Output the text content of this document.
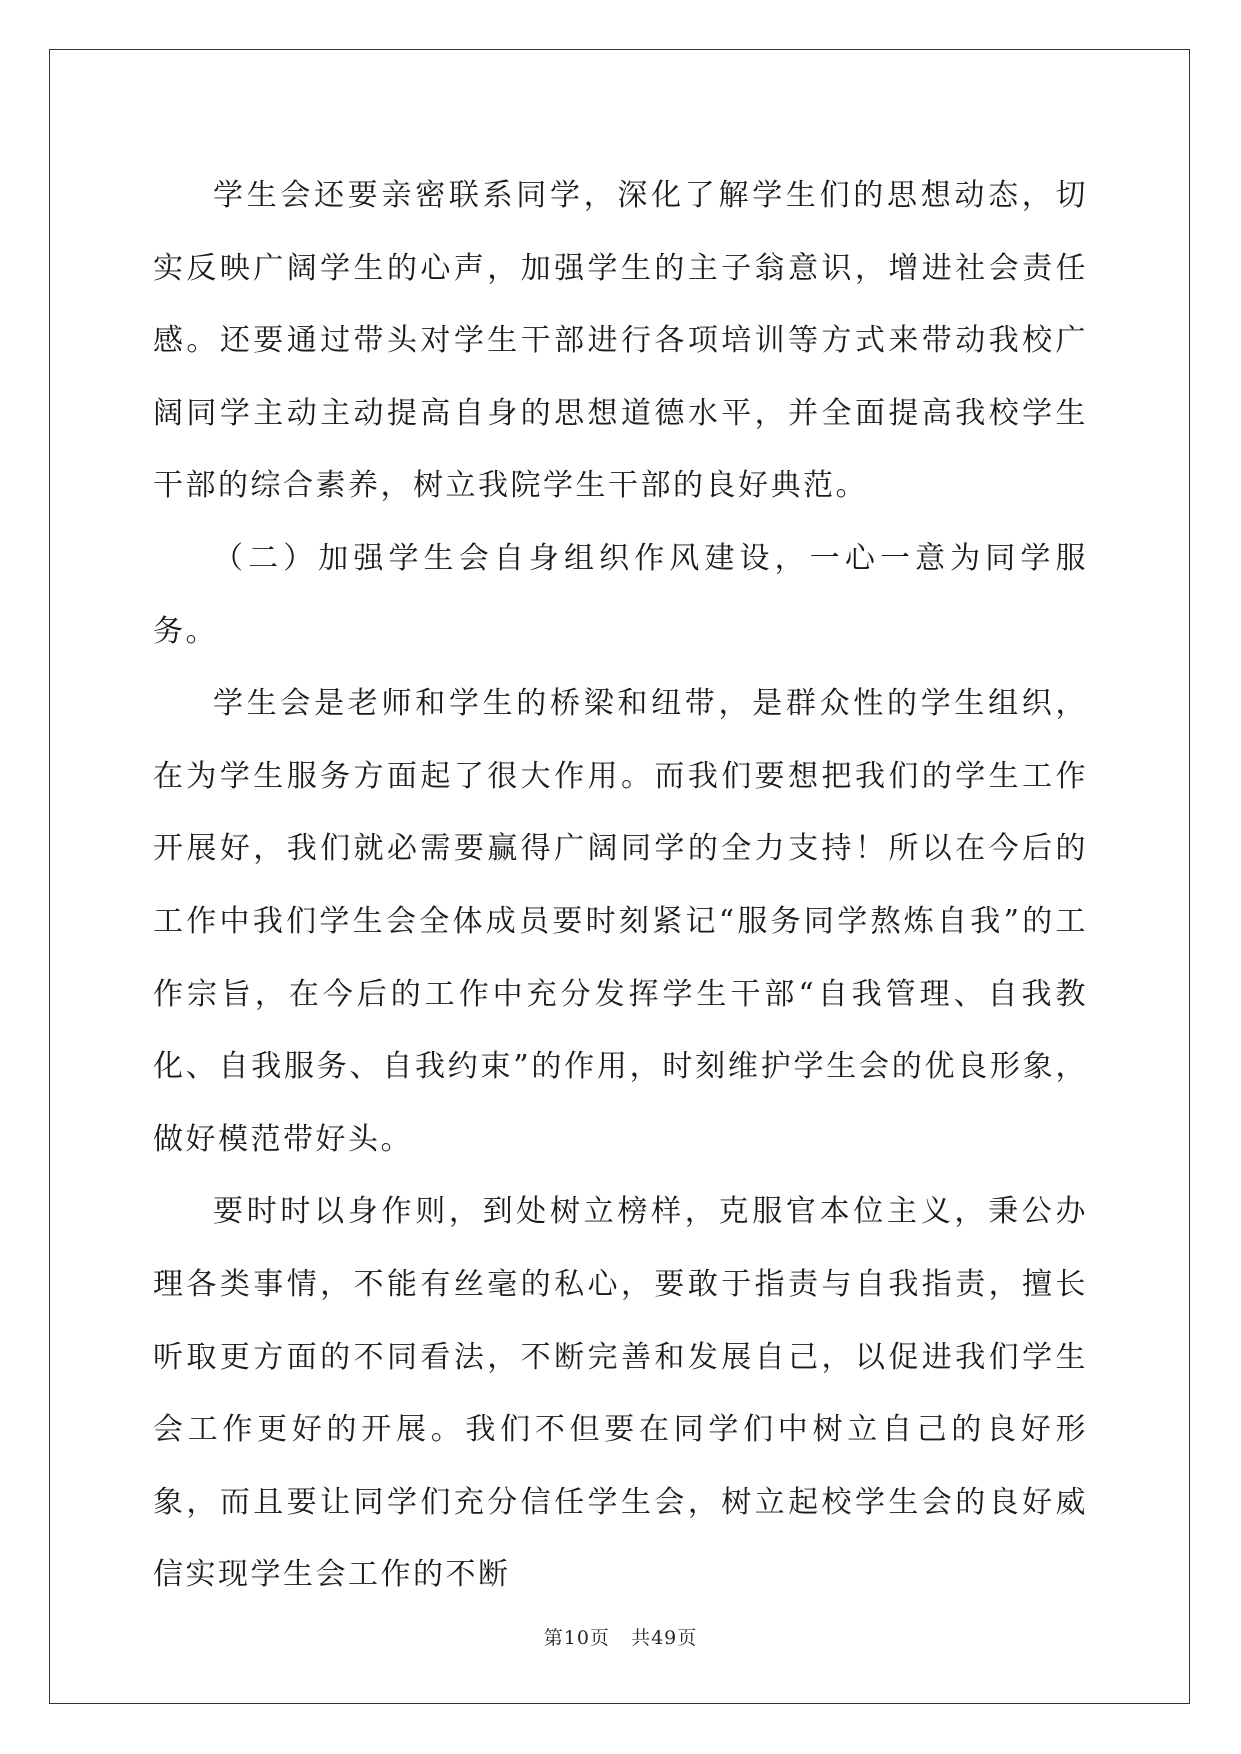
学生会还要亲密联系同学，深化了解学生们的思想动态，切实反映广阔学生的心声，加强学生的主子翁意识，增进社会责任感。还要通过带头对学生干部进行各项培训等方式来带动我校广阔同学主动主动提高自身的思想道德水平，并全面提高我校学生干部的综合素养，树立我院学生干部的良好典范。

（二）加强学生会自身组织作风建设，一心一意为同学服务。

学生会是老师和学生的桥梁和纽带，是群众性的学生组织，在为学生服务方面起了很大作用。而我们要想把我们的学生工作开展好，我们就必需要赢得广阔同学的全力支持！所以在今后的工作中我们学生会全体成员要时刻紧记“服务同学熬炼自我”的工作宗旨，在今后的工作中充分发挥学生干部“自我管理、自我教化、自我服务、自我约束”的作用，时刻维护学生会的优良形象，做好模范带好头。

要时时以身作则，到处树立榜样，克服官本位主义，秉公办理各类事情，不能有丝毫的私心，要敢于指责与自我指责，擅长听取更方面的不同看法，不断完善和发展自己，以促进我们学生会工作更好的开展。我们不但要在同学们中树立自己的良好形象，而且要让同学们充分信任学生会，树立起校学生会的良好威信实现学生会工作的不断

第10页 共49页
